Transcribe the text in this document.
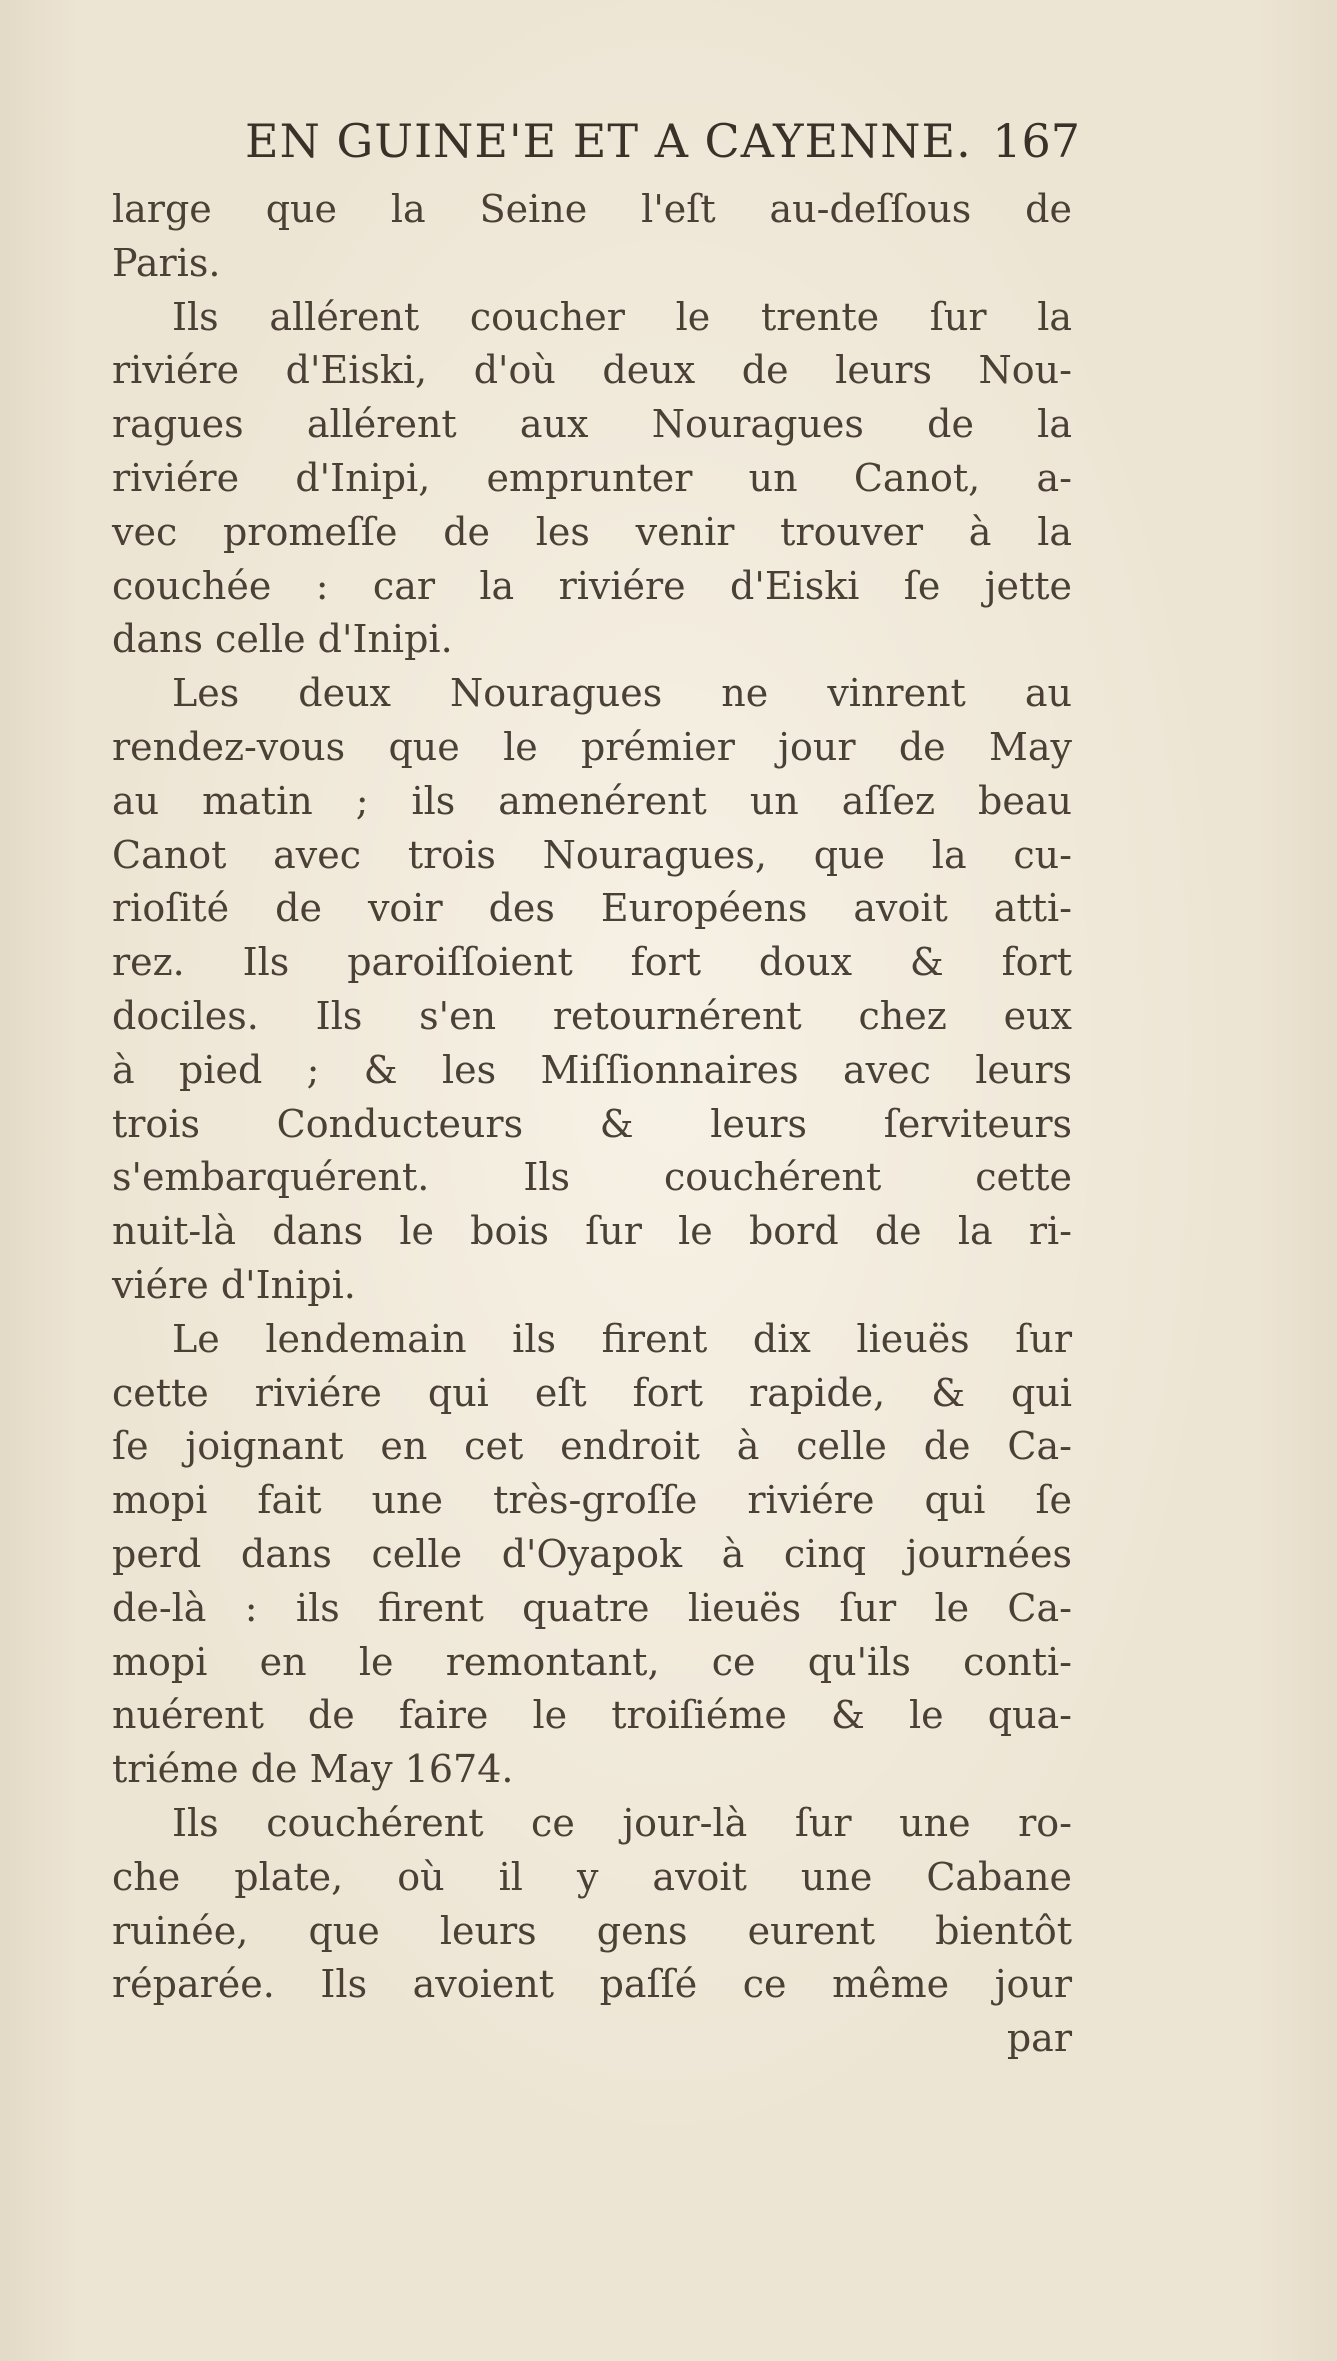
EN GUINE'E ET A CAYENNE. 167
large que la Seine l'eſt au-deſſous de
Paris.
Ils allérent coucher le trente ſur la
riviére d'Eiski, d'où deux de leurs Nou-
ragues allérent aux Nouragues de la
riviére d'Inipi, emprunter un Canot, a-
vec promeſſe de les venir trouver à la
couchée : car la riviére d'Eiski ſe jette
dans celle d'Inipi.
Les deux Nouragues ne vinrent au
rendez-vous que le prémier jour de May
au matin ; ils amenérent un aſſez beau
Canot avec trois Nouragues, que la cu-
rioſité de voir des Européens avoit atti-
rez. Ils paroiſſoient fort doux & fort
dociles. Ils s'en retournérent chez eux
à pied ; & les Miſſionnaires avec leurs
trois Conducteurs & leurs ſerviteurs
s'embarquérent. Ils couchérent cette
nuit-là dans le bois ſur le bord de la ri-
viére d'Inipi.
Le lendemain ils firent dix lieuës ſur
cette riviére qui eſt fort rapide, & qui
ſe joignant en cet endroit à celle de Ca-
mopi fait une très-groſſe riviére qui ſe
perd dans celle d'Oyapok à cinq journées
de-là : ils firent quatre lieuës ſur le Ca-
mopi en le remontant, ce qu'ils conti-
nuérent de faire le troiſiéme & le qua-
triéme de May 1674.
Ils couchérent ce jour-là ſur une ro-
che plate, où il y avoit une Cabane
ruinée, que leurs gens eurent bientôt
réparée. Ils avoient paſſé ce même jour
par
